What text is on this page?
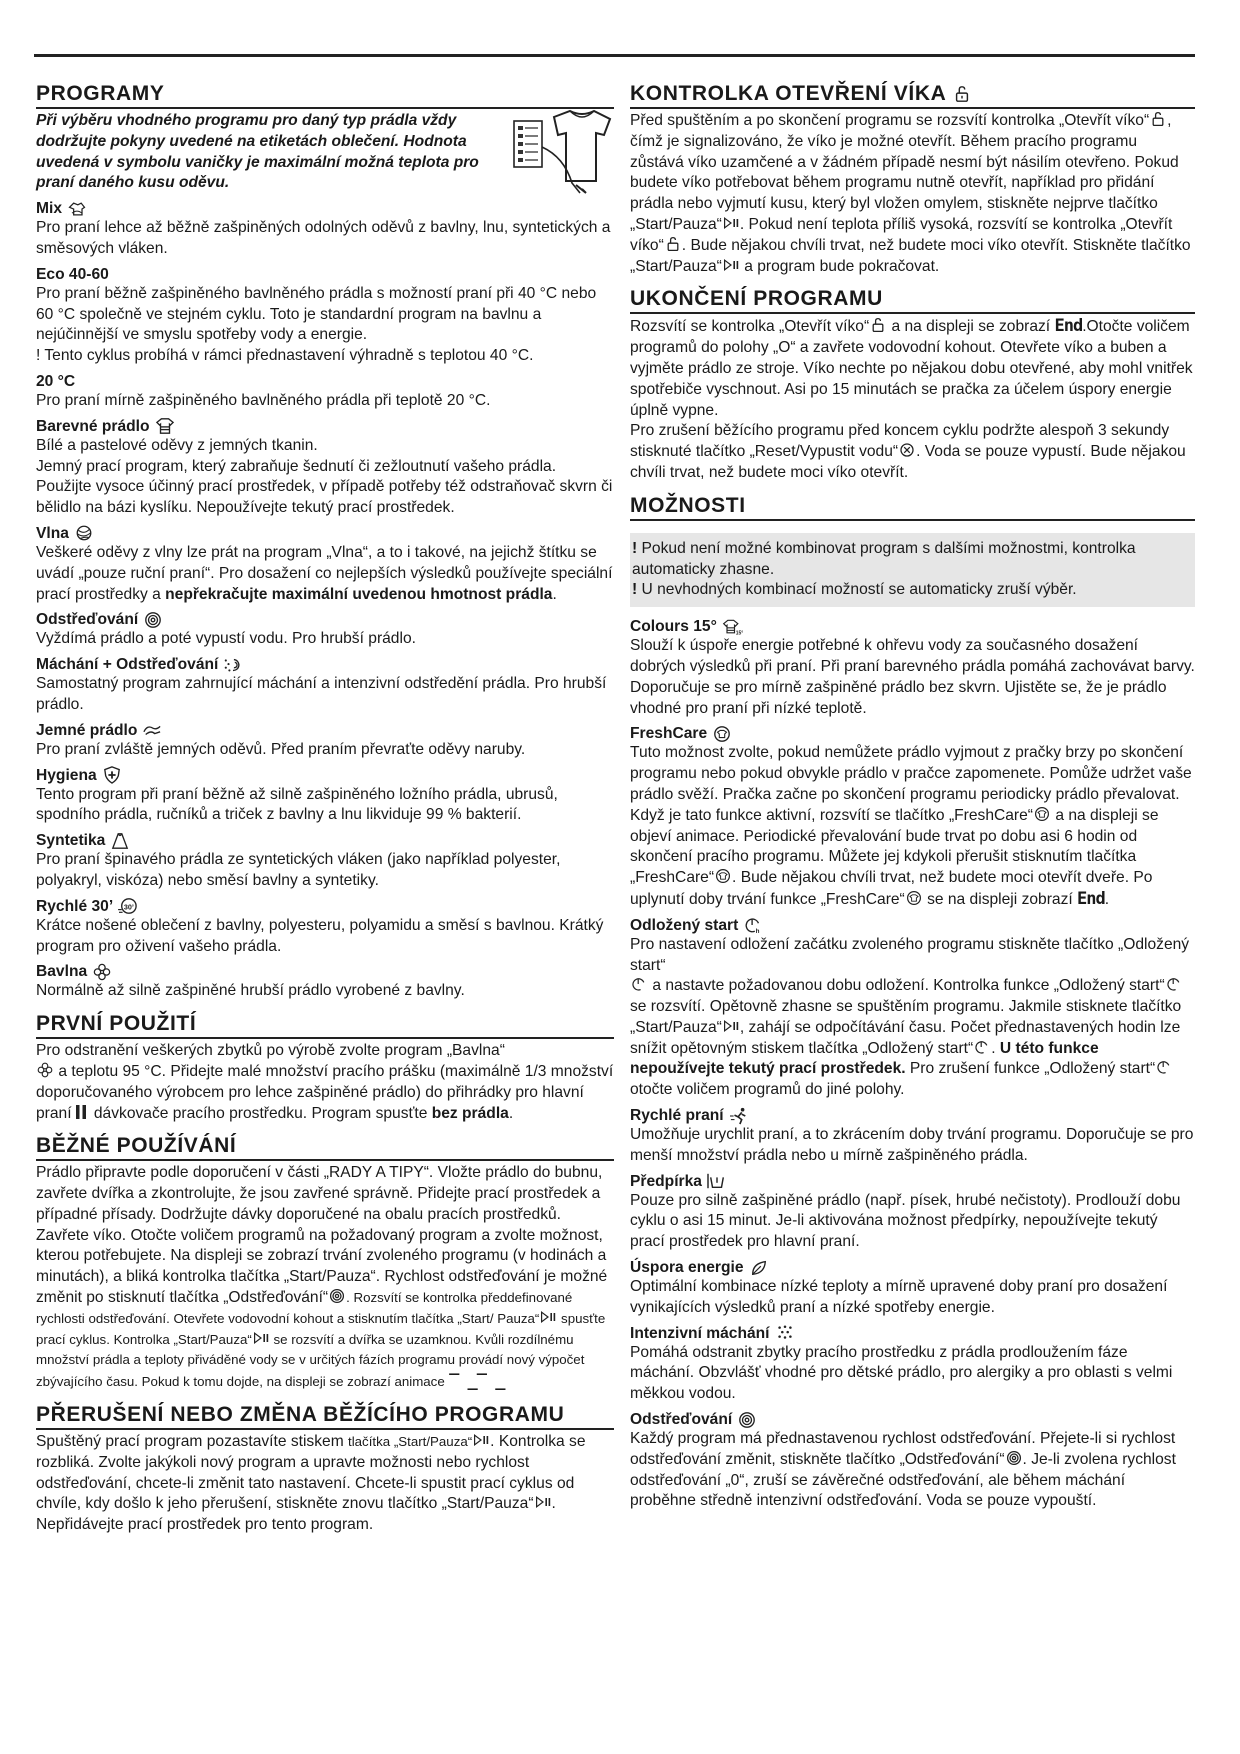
PROGRAMY

Při výběru vhodného programu pro daný typ prádla vždy dodržujte pokyny uvedené na etiketách oblečení. Hodnota uvedená v symbolu vaničky je maximální možná teplota pro praní daného kusu oděvu.

Mix

Pro praní lehce až běžně zašpiněných odolných oděvů z bavlny, lnu, syntetických a směsových vláken.

Eco 40-60

Pro praní běžně zašpiněného bavlněného prádla s možností praní při 40 °C nebo 60 °C společně ve stejném cyklu. Toto je standardní program na bavlnu a nejúčinnější ve smyslu spotřeby vody a energie.

! Tento cyklus probíhá v rámci přednastavení výhradně s teplotou 40 °C.

20 °C

Pro praní mírně zašpiněného bavlněného prádla při teplotě 20 °C.

Barevné prádlo

Bílé a pastelové oděvy z jemných tkanin.

Jemný prací program, který zabraňuje šednutí či zežloutnutí vašeho prádla. Použijte vysoce účinný prací prostředek, v případě potřeby též odstraňovač skvrn či bělidlo na bázi kyslíku. Nepoužívejte tekutý prací prostředek.

Vlna

Veškeré oděvy z vlny lze prát na program „Vlna“, a to i takové, na jejichž štítku se uvádí „pouze ruční praní“. Pro dosažení co nejlepších výsledků používejte speciální prací prostředky a nepřekračujte maximální uvedenou hmotnost prádla.

Odstřeďování

Vyždímá prádlo a poté vypustí vodu. Pro hrubší prádlo.

Máchání + Odstřeďování

Samostatný program zahrnující máchání a intenzivní odstředění prádla. Pro hrubší prádlo.

Jemné prádlo

Pro praní zvláště jemných oděvů. Před praním převraťte oděvy naruby.

Hygiena

Tento program při praní běžně až silně zašpiněného ložního prádla, ubrusů, spodního prádla, ručníků a triček z bavlny a lnu likviduje 99 % bakterií.

Syntetika

Pro praní špinavého prádla ze syntetických vláken (jako například polyester, polyakryl, viskóza) nebo směsí bavlny a syntetiky.

Rychlé 30’ 30’

Krátce nošené oblečení z bavlny, polyesteru, polyamidu a směsí s bavlnou. Krátký program pro oživení vašeho prádla.

Bavlna

Normálně až silně zašpiněné hrubší prádlo vyrobené z bavlny.

PRVNÍ POUŽITÍ

Pro odstranění veškerých zbytků po výrobě zvolte program „Bavlna“

a teplotu 95 °C. Přidejte malé množství pracího prášku (maximálně 1/3 množství doporučovaného výrobcem pro lehce zašpiněné prádlo) do přihrádky pro hlavní praní
dávkovače pracího prostředku. Program spusťte bez prádla.

BĚŽNÉ POUŽÍVÁNÍ

Prádlo připravte podle doporučení v části „RADY A TIPY“. Vložte prádlo do bubnu, zavřete dvířka a zkontrolujte, že jsou zavřené správně. Přidejte prací prostředek a případné přísady. Dodržujte dávky doporučené na obalu pracích prostředků. Zavřete víko. Otočte voličem programů na požadovaný program a zvolte možnost, kterou potřebujete. Na displeji se zobrazí trvání zvoleného programu (v hodinách a minutách), a bliká kontrolka tlačítka „Start/Pauza“. Rychlost odstřeďování je možné změnit po stisknutí tlačítka „Odstřeďování“ . Rozsvítí se kontrolka předdefinované rychlosti odstřeďování. Otevřete vodovodní kohout a stisknutím tlačítka „Start/ Pauza“
spusťte prací cyklus. Kontrolka „Start/Pauza“
se rozsvítí a dvířka se uzamknou. Kvůli rozdílnému množství prádla a teploty přiváděné vody se v určitých fázích programu provádí nový výpočet zbývajícího času. Pokud k tomu dojde, na displeji se zobrazí animace ‾ _‾ _

PŘERUŠENÍ NEBO ZMĚNA BĚŽÍCÍHO PROGRAMU

Spuštěný prací program pozastavíte stiskem tlačítka „Start/Pauza“ . Kontrolka se rozbliká. Zvolte jakýkoli nový program a upravte možnosti nebo rychlost odstřeďování, chcete-li změnit tato nastavení. Chcete-li spustit prací cyklus od chvíle, kdy došlo k jeho přerušení, stiskněte znovu tlačítko „Start/Pauza“ . Nepřidávejte prací prostředek pro tento program.

KONTROLKA OTEVŘENÍ VÍKA

Před spuštěním a po skončení programu se rozsvítí kontrolka „Otevřít víko“ , čímž je signalizováno, že víko je možné otevřít. Během pracího programu zůstává víko uzamčené a v žádném případě nesmí být násilím otevřeno. Pokud budete víko potřebovat během programu nutně otevřít, například pro přidání prádla nebo vyjmutí kusu, který byl vložen omylem, stiskněte nejprve tlačítko „Start/Pauza“ . Pokud není teplota příliš vysoká, rozsvítí se kontrolka „Otevřít víko“ . Bude nějakou chvíli trvat, než budete moci víko otevřít. Stiskněte tlačítko „Start/Pauza“
a program bude pokračovat.

UKONČENÍ PROGRAMU

Rozsvítí se kontrolka „Otevřít víko“
a na displeji se zobrazí End.Otočte voličem programů do polohy „O“ a zavřete vodovodní kohout. Otevřete víko a buben a vyjměte prádlo ze stroje. Víko nechte po nějakou dobu otevřené, aby mohl vnitřek spotřebiče vyschnout. Asi po 15 minutách se pračka za účelem úspory energie úplně vypne.
Pro zrušení běžícího programu před koncem cyklu podržte alespoň 3 sekundy stisknuté tlačítko „Reset/Vypustit vodu“ . Voda se pouze vypustí. Bude nějakou chvíli trvat, než budete moci víko otevřít.

MOŽNOSTI
! Pokud není možné kombinovat program s dalšími možnostmi, kontrolka automaticky zhasne.
! U nevhodných kombinací možností se automaticky zruší výběr.
Colours 15°	15°

Slouží k úspoře energie potřebné k ohřevu vody za současného dosažení dobrých výsledků při praní. Při praní barevného prádla pomáhá zachovávat barvy. Doporučuje se pro mírně zašpiněné prádlo bez skvrn. Ujistěte se, že je prádlo vhodné pro praní při nízké teplotě.

FreshCare

Tuto možnost zvolte, pokud nemůžete prádlo vyjmout z pračky brzy po skončení programu nebo pokud obvykle prádlo v pračce zapomenete. Pomůže udržet vaše prádlo svěží. Pračka začne po skončení programu periodicky prádlo převalovat. Když je tato funkce aktivní, rozsvítí se tlačítko „FreshCare“
a na displeji se objeví animace. Periodické převalování bude trvat po dobu asi 6 hodin od skončení pracího programu. Můžete jej kdykoli přerušit stisknutím tlačítka „FreshCare“ . Bude nějakou chvíli trvat, než budete moci otevřít dveře. Po uplynutí doby trvání funkce „FreshCare“
se na displeji zobrazí End.

Odložený start	h

Pro nastavení odložení začátku zvoleného programu stiskněte tlačítko „Odložený start“

a nastavte požadovanou dobu odložení. Kontrolka funkce „Odložený start“
se rozsvítí. Opětovně zhasne se spuštěním programu. Jakmile stisknete tlačítko „Start/Pauza“ , zahájí se odpočítávání času. Počet přednastavených hodin lze snížit opětovným stiskem tlačítka „Odložený start“ . U této funkce nepoužívejte tekutý prací prostředek. Pro zrušení funkce „Odložený start“
otočte voličem programů do jiné polohy.

Rychlé praní

Umožňuje urychlit praní, a to zkrácením doby trvání programu. Doporučuje se pro menší množství prádla nebo u mírně zašpiněného prádla.

Předpírka

Pouze pro silně zašpiněné prádlo (např. písek, hrubé nečistoty). Prodlouží dobu cyklu o asi 15 minut. Je-li aktivována možnost předpírky, nepoužívejte tekutý prací prostředek pro hlavní praní.

Úspora energie

Optimální kombinace nízké teploty a mírně upravené doby praní pro dosažení vynikajících výsledků praní a nízké spotřeby energie.

Intenzivní máchání

Pomáhá odstranit zbytky pracího prostředku z prádla prodloužením fáze máchání. Obzvlášť vhodné pro dětské prádlo, pro alergiky a pro oblasti s velmi měkkou vodou.

Odstřeďování

Každý program má přednastavenou rychlost odstřeďování. Přejete-li si rychlost odstřeďování změnit, stiskněte tlačítko „Odstřeďování“ . Je-li zvolena rychlost odstřeďování „0“, zruší se závěrečné odstřeďování, ale během máchání proběhne středně intenzivní odstřeďování. Voda se pouze vypouští.
